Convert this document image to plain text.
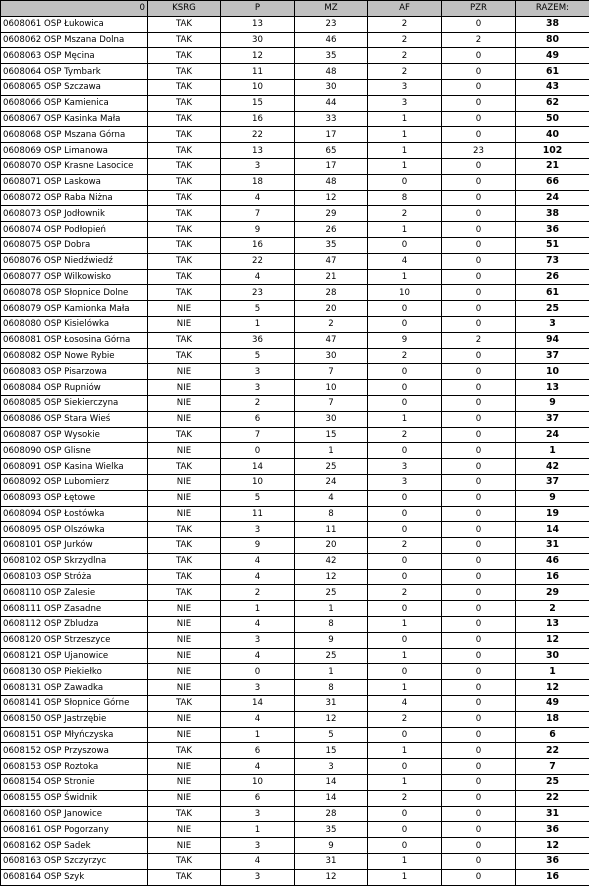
0	KSRG	P	MZ	AF	PZR	RAZEM:
0608061 OSP Łukowica	TAK	13	23	2	0	38
0608062 OSP Mszana Dolna	TAK	30	46	2	2	80
0608063 OSP Męcina	TAK	12	35	2	0	49
0608064 OSP Tymbark	TAK	11	48	2	0	61
0608065 OSP Szczawa	TAK	10	30	3	0	43
0608066 OSP Kamienica	TAK	15	44	3	0	62
0608067 OSP Kasinka Mała	TAK	16	33	1	0	50
0608068 OSP Mszana Górna	TAK	22	17	1	0	40
0608069 OSP Limanowa	TAK	13	65	1	23	102
0608070 OSP Krasne Lasocice	TAK	3	17	1	0	21
0608071 OSP Laskowa	TAK	18	48	0	0	66
0608072 OSP Raba Niżna	TAK	4	12	8	0	24
0608073 OSP Jodłownik	TAK	7	29	2	0	38
0608074 OSP Podłopień	TAK	9	26	1	0	36
0608075 OSP Dobra	TAK	16	35	0	0	51
0608076 OSP Niedźwiedź	TAK	22	47	4	0	73
0608077 OSP Wilkowisko	TAK	4	21	1	0	26
0608078 OSP Słopnice Dolne	TAK	23	28	10	0	61
0608079 OSP Kamionka Mała	NIE	5	20	0	0	25
0608080 OSP Kisielówka	NIE	1	2	0	0	3
0608081 OSP Łososina Górna	TAK	36	47	9	2	94
0608082 OSP Nowe Rybie	TAK	5	30	2	0	37
0608083 OSP Pisarzowa	NIE	3	7	0	0	10
0608084 OSP Rupniów	NIE	3	10	0	0	13
0608085 OSP Siekierczyna	NIE	2	7	0	0	9
0608086 OSP Stara Wieś	NIE	6	30	1	0	37
0608087 OSP Wysokie	TAK	7	15	2	0	24
0608090 OSP Glisne	NIE	0	1	0	0	1
0608091 OSP Kasina Wielka	TAK	14	25	3	0	42
0608092 OSP Lubomierz	NIE	10	24	3	0	37
0608093 OSP Łętowe	NIE	5	4	0	0	9
0608094 OSP Łostówka	NIE	11	8	0	0	19
0608095 OSP Olszówka	TAK	3	11	0	0	14
0608101 OSP Jurków	TAK	9	20	2	0	31
0608102 OSP Skrzydlna	TAK	4	42	0	0	46
0608103 OSP Stróża	TAK	4	12	0	0	16
0608110 OSP Zalesie	TAK	2	25	2	0	29
0608111 OSP Zasadne	NIE	1	1	0	0	2
0608112 OSP Zbludza	NIE	4	8	1	0	13
0608120 OSP Strzeszyce	NIE	3	9	0	0	12
0608121 OSP Ujanowice	NIE	4	25	1	0	30
0608130 OSP Piekiełko	NIE	0	1	0	0	1
0608131 OSP Zawadka	NIE	3	8	1	0	12
0608141 OSP Słopnice Górne	TAK	14	31	4	0	49
0608150 OSP Jastrzębie	NIE	4	12	2	0	18
0608151 OSP Młyńczyska	NIE	1	5	0	0	6
0608152 OSP Przyszowa	TAK	6	15	1	0	22
0608153 OSP Roztoka	NIE	4	3	0	0	7
0608154 OSP Stronie	NIE	10	14	1	0	25
0608155 OSP Świdnik	NIE	6	14	2	0	22
0608160 OSP Janowice	TAK	3	28	0	0	31
0608161 OSP Pogorzany	NIE	1	35	0	0	36
0608162 OSP Sadek	NIE	3	9	0	0	12
0608163 OSP Szczyrzyc	TAK	4	31	1	0	36
0608164 OSP Szyk	TAK	3	12	1	0	16
